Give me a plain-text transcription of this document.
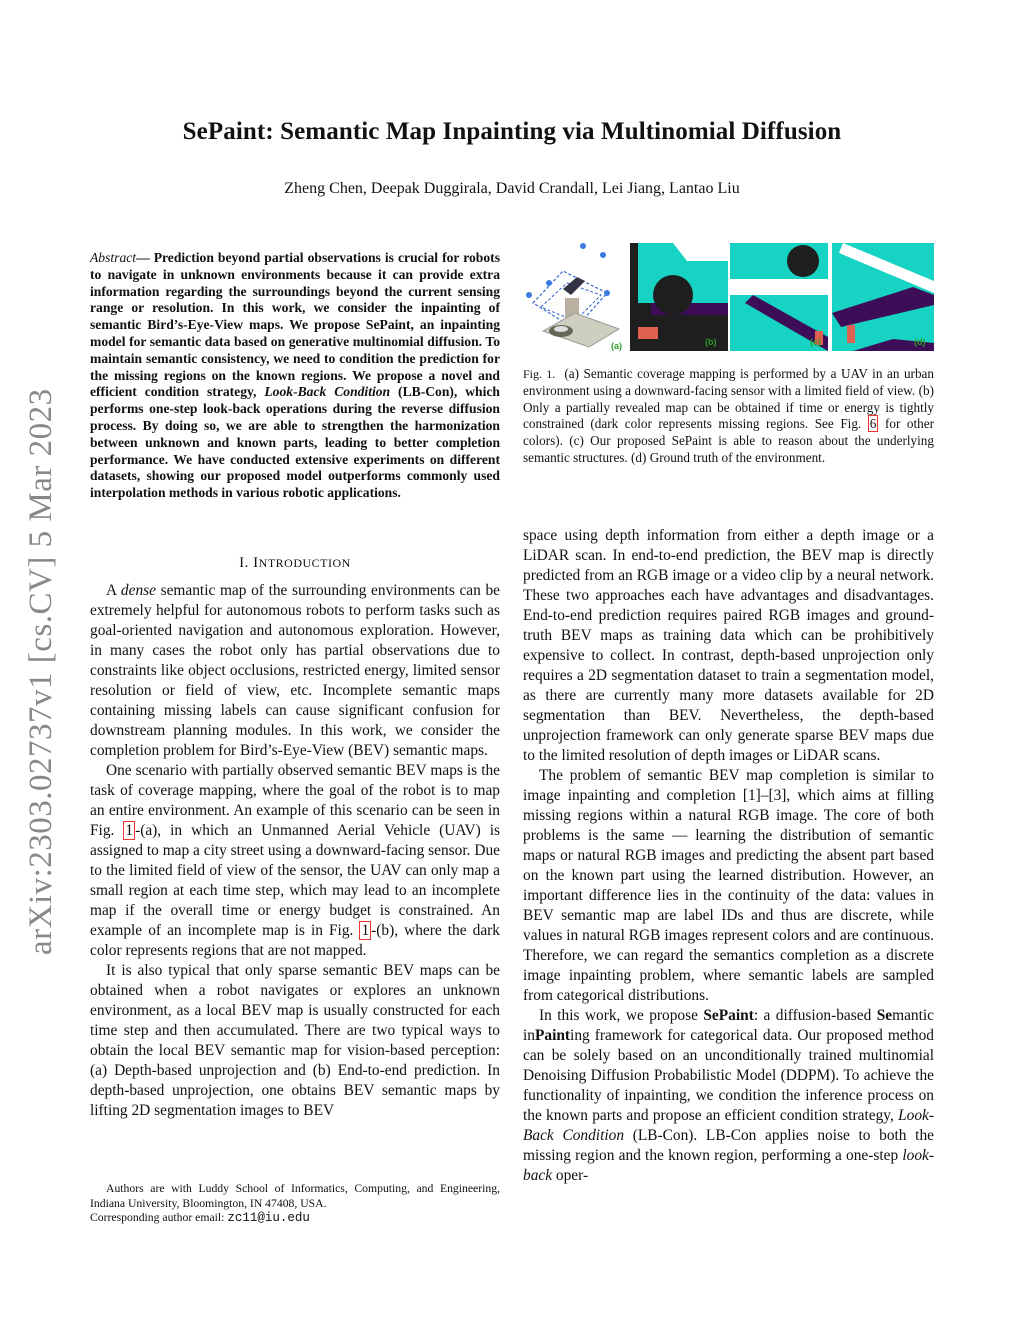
SePaint: Semantic Map Inpainting via Multinomial Diffusion
Zheng Chen, Deepak Duggirala, David Crandall, Lei Jiang, Lantao Liu
arXiv:2303.02737v1 [cs.CV] 5 Mar 2023
Abstract— Prediction beyond partial observations is crucial for robots to navigate in unknown environments because it can provide extra information regarding the surroundings beyond the current sensing range or resolution. In this work, we consider the inpainting of semantic Bird’s-Eye-View maps. We propose SePaint, an inpainting model for semantic data based on generative multinomial diffusion. To maintain semantic consistency, we need to condition the prediction for the missing regions on the known regions. We propose a novel and efficient condition strategy, Look-Back Condition (LB-Con), which performs one-step look-back operations during the reverse diffusion process. By doing so, we are able to strengthen the harmonization between unknown and known parts, leading to better completion performance. We have conducted extensive experiments on different datasets, showing our proposed model outperforms commonly used interpolation methods in various robotic applications.
I. INTRODUCTION

A dense semantic map of the surrounding environments can be extremely helpful for autonomous robots to perform tasks such as goal-oriented navigation and autonomous exploration. However, in many cases the robot only has partial observations due to constraints like object occlusions, restricted energy, limited sensor resolution or field of view, etc. Incomplete semantic maps containing missing labels can cause significant confusion for downstream planning modules. In this work, we consider the completion problem for Bird’s-Eye-View (BEV) semantic maps.

One scenario with partially observed semantic BEV maps is the task of coverage mapping, where the goal of the robot is to map an entire environment. An example of this scenario can be seen in Fig. 1 -(a), in which an Unmanned Aerial Vehicle (UAV) is assigned to map a city street using a downward-facing sensor. Due to the limited field of view of the sensor, the UAV can only map a small region at each time step, which may lead to an incomplete map if the overall time or energy budget is constrained. An example of an incomplete map is in Fig. 1 -(b), where the dark color represents regions that are not mapped.

It is also typical that only sparse semantic BEV maps can be obtained when a robot navigates or explores an unknown environment, as a local BEV map is usually constructed for each time step and then accumulated. There are two typical ways to obtain the local BEV semantic map for vision-based perception: (a) Depth-based unprojection and (b) End-to-end prediction. In depth-based unprojection, one obtains BEV semantic maps by lifting 2D segmentation images to BEV

Authors are with Luddy School of Informatics, Computing, and Engineering, Indiana University, Bloomington, IN 47408, USA.

Corresponding author email: zc11@iu.edu

(a)	(b)	(c)	(d)
Fig. 1. (a) Semantic coverage mapping is performed by a UAV in an urban environment using a downward-facing sensor with a limited field of view. (b) Only a partially revealed map can be obtained if time or energy is tightly constrained (dark color represents missing regions. See Fig. 6 for other colors). (c) Our proposed SePaint is able to reason about the underlying semantic structures. (d) Ground truth of the environment.

space using depth information from either a depth image or a LiDAR scan. In end-to-end prediction, the BEV map is directly predicted from an RGB image or a video clip by a neural network. These two approaches each have advantages and disadvantages. End-to-end prediction requires paired RGB images and ground-truth BEV maps as training data which can be prohibitively expensive to collect. In contrast, depth-based unprojection only requires a 2D segmentation dataset to train a segmentation model, as there are currently many more datasets available for 2D segmentation than BEV. Nevertheless, the depth-based unprojection framework can only generate sparse BEV maps due to the limited resolution of depth images or LiDAR scans.

The problem of semantic BEV map completion is similar to image inpainting and completion [1]–[3], which aims at filling missing regions within a natural RGB image. The core of both problems is the same — learning the distribution of semantic maps or natural RGB images and predicting the absent part based on the known part using the learned distribution. However, an important difference lies in the continuity of the data: values in BEV semantic map are label IDs and thus are discrete, while values in natural RGB images represent colors and are continuous. Therefore, we can regard the semantics completion as a discrete image inpainting problem, where semantic labels are sampled from categorical distributions.

In this work, we propose SePaint: a diffusion-based Semantic inPainting framework for categorical data. Our proposed method can be solely based on an unconditionally trained multinomial Denoising Diffusion Probabilistic Model (DDPM). To achieve the functionality of inpainting, we condition the inference process on the known parts and propose an efficient condition strategy, Look-Back Condition (LB-Con). LB-Con applies noise to both the missing region and the known region, performing a one-step look-back oper-
